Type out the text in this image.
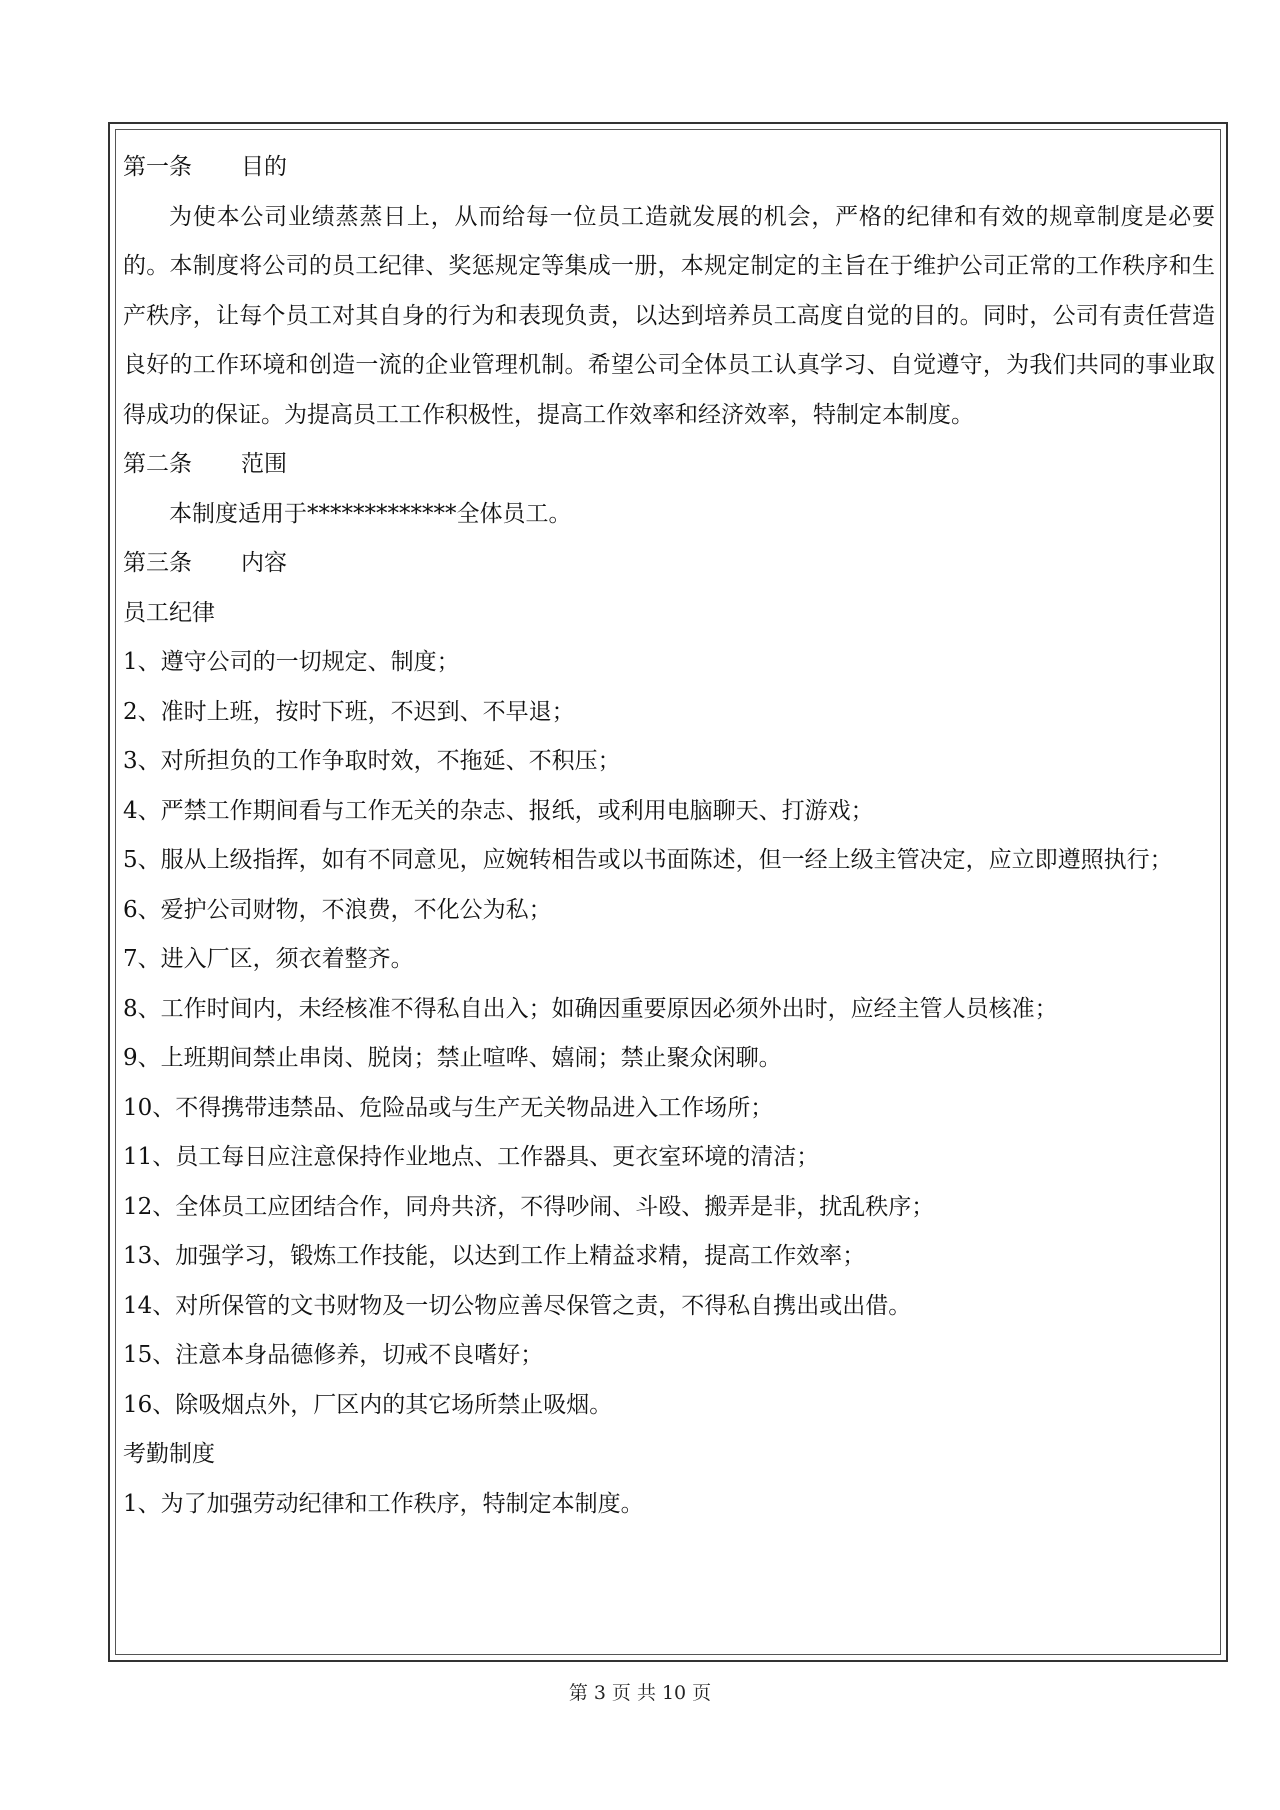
第一条 目的

为使本公司业绩蒸蒸日上，从而给每一位员工造就发展的机会，严格的纪律和有效的规章制度是必要的。本制度将公司的员工纪律、奖惩规定等集成一册，本规定制定的主旨在于维护公司正常的工作秩序和生产秩序，让每个员工对其自身的行为和表现负责，以达到培养员工高度自觉的目的。同时，公司有责任营造良好的工作环境和创造一流的企业管理机制。希望公司全体员工认真学习、自觉遵守，为我们共同的事业取得成功的保证。为提高员工工作积极性，提高工作效率和经济效率，特制定本制度。

第二条 范围

本制度适用于*************全体员工。

第三条 内容
员工纪律
1、遵守公司的一切规定、制度；
2、准时上班，按时下班，不迟到、不早退；
3、对所担负的工作争取时效，不拖延、不积压；
4、严禁工作期间看与工作无关的杂志、报纸，或利用电脑聊天、打游戏；

5、服从上级指挥，如有不同意见，应婉转相告或以书面陈述，但一经上级主管决定，应立即遵照执行；

6、爱护公司财物，不浪费，不化公为私；
7、进入厂区，须衣着整齐。
8、工作时间内，未经核准不得私自出入；如确因重要原因必须外出时，应经主管人员核准；
9、上班期间禁止串岗、脱岗；禁止喧哗、嬉闹；禁止聚众闲聊。
10、不得携带违禁品、危险品或与生产无关物品进入工作场所；
11、员工每日应注意保持作业地点、工作器具、更衣室环境的清洁；
12、全体员工应团结合作，同舟共济，不得吵闹、斗殴、搬弄是非，扰乱秩序；
13、加强学习，锻炼工作技能，以达到工作上精益求精，提高工作效率；
14、对所保管的文书财物及一切公物应善尽保管之责，不得私自携出或出借。
15、注意本身品德修养，切戒不良嗜好；
16、除吸烟点外，厂区内的其它场所禁止吸烟。
考勤制度
1、为了加强劳动纪律和工作秩序，特制定本制度。
第 3 页 共 10 页
